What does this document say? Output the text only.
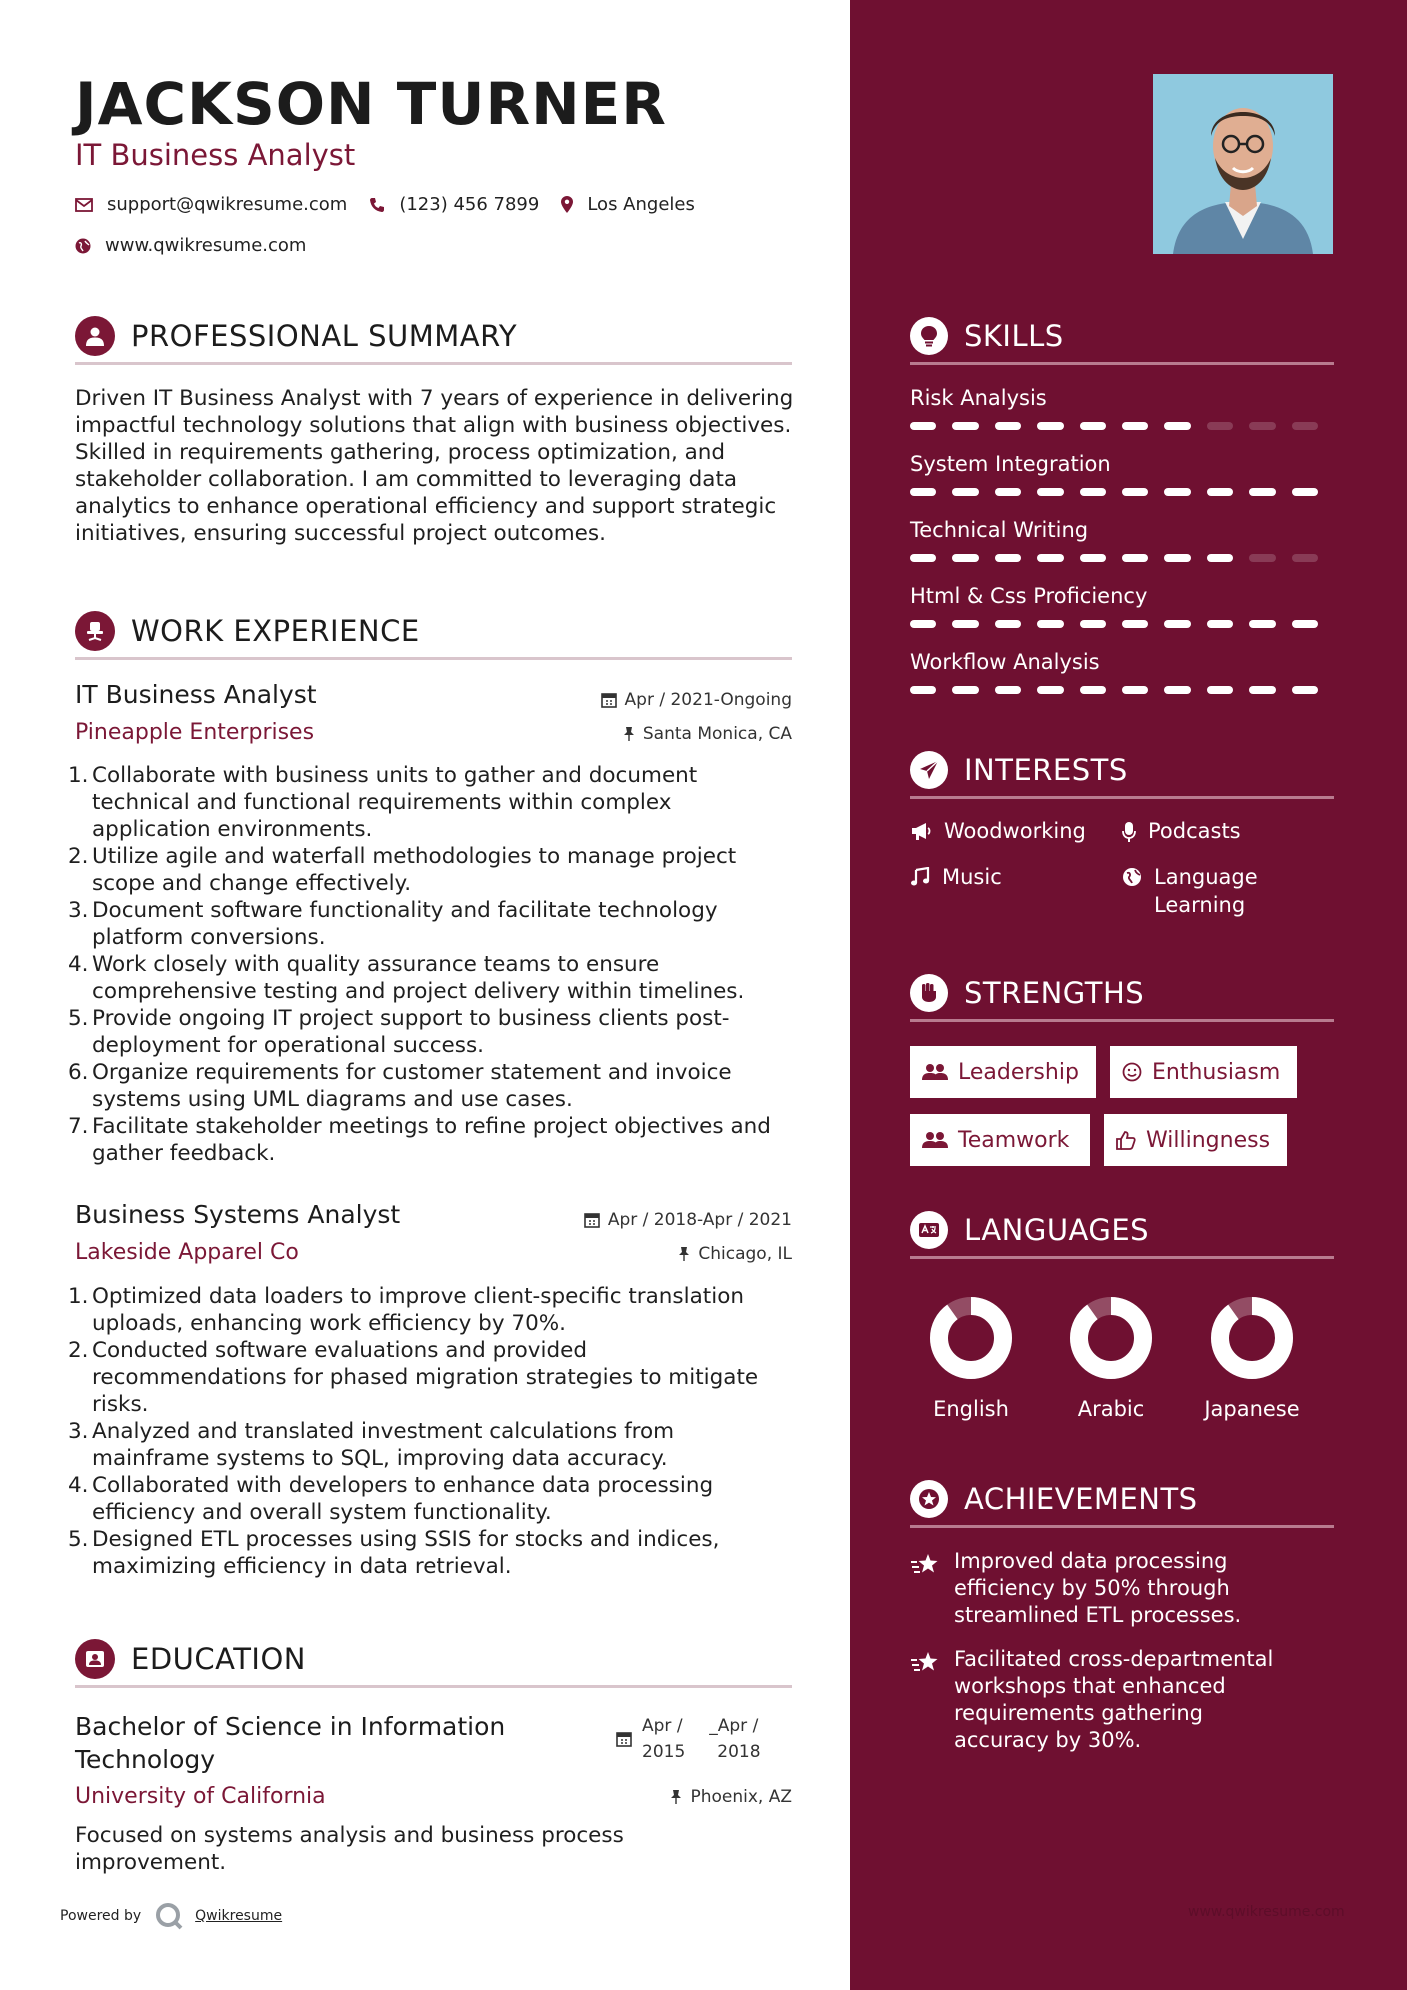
JACKSON TURNER
IT Business Analyst
support@qwikresume.com	(123) 456 7899	Los Angeles
www.qwikresume.com
PROFESSIONAL SUMMARY
Driven IT Business Analyst with 7 years of experience in delivering impactful technology solutions that align with business objectives. Skilled in requirements gathering, process optimization, and stakeholder collaboration. I am committed to leveraging data analytics to enhance operational efficiency and support strategic initiatives, ensuring successful project outcomes.
WORK EXPERIENCE
IT Business Analyst	Apr / 2021-Ongoing
Pineapple Enterprises	Santa Monica, CA
1. Collaborate with business units to gather and document technical and functional requirements within complex application environments.
2. Utilize agile and waterfall methodologies to manage project scope and change effectively.
3. Document software functionality and facilitate technology platform conversions.
4. Work closely with quality assurance teams to ensure comprehensive testing and project delivery within timelines.
5. Provide ongoing IT project support to business clients post-deployment for operational success.
6. Organize requirements for customer statement and invoice systems using UML diagrams and use cases.
7. Facilitate stakeholder meetings to refine project objectives and gather feedback.
Business Systems Analyst	Apr / 2018-Apr / 2021
Lakeside Apparel Co	Chicago, IL
1. Optimized data loaders to improve client-specific translation uploads, enhancing work efficiency by 70%.
2. Conducted software evaluations and provided recommendations for phased migration strategies to mitigate risks.
3. Analyzed and translated investment calculations from mainframe systems to SQL, improving data accuracy.
4. Collaborated with developers to enhance data processing efficiency and overall system functionality.
5. Designed ETL processes using SSIS for stocks and indices, maximizing efficiency in data retrieval.
EDUCATION
Bachelor of Science in Information
Technology
Apr /
2015
_Apr /
2018
University of California	Phoenix, AZ
Focused on systems analysis and business process improvement.
Powered by	Qwikresume
SKILLS
Risk Analysis
System Integration
Technical Writing
Html & Css Proficiency
Workflow Analysis
INTERESTS
Woodworking	Podcasts
Music	Language
Learning
STRENGTHS
Leadership	Enthusiasm
Teamwork	Willingness
LANGUAGES
English	Arabic	Japanese
ACHIEVEMENTS
Improved data processing
efficiency by 50% through
streamlined ETL processes.
Facilitated cross-departmental
workshops that enhanced
requirements gathering
accuracy by 30%.
www.qwikresume.com
